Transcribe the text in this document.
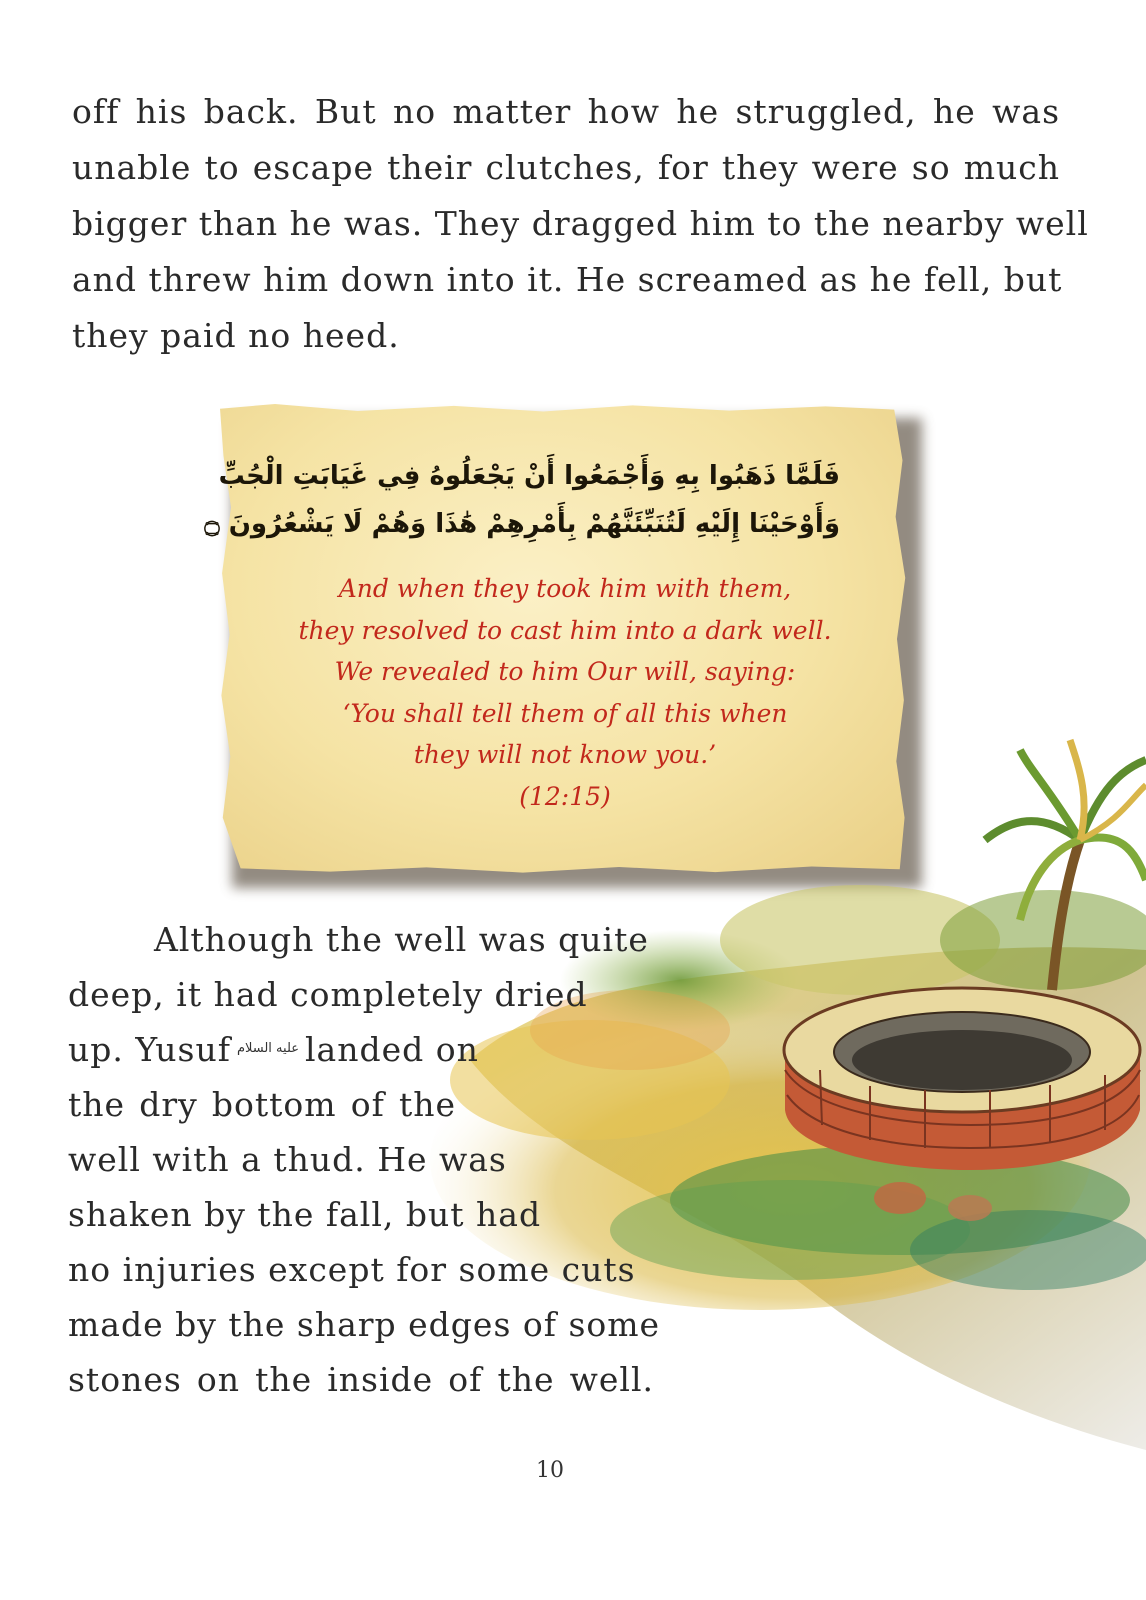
off his back. But no matter how he struggled, he was
unable to escape their clutches, for they were so much
bigger than he was. They dragged him to the nearby well
and threw him down into it. He screamed as he fell, but
they paid no heed.
فَلَمَّا ذَهَبُوا بِهِ وَأَجْمَعُوا أَنْ يَجْعَلُوهُ فِي غَيَابَتِ الْجُبِّ
وَأَوْحَيْنَا إِلَيْهِ لَتُنَبِّئَنَّهُمْ بِأَمْرِهِمْ هَٰذَا وَهُمْ لَا يَشْعُرُونَ ۝
And when they took him with them,
they resolved to cast him into a dark well.
We revealed to him Our will, saying:
‘You shall tell them of all this when
they will not know you.’
(12:15)
Although the well was quite
deep, it had completely dried
up. Yusuf عليه السلام landed on
the dry bottom of the
well with a thud. He was
shaken by the fall, but had
no injuries except for some cuts
made by the sharp edges of some
stones on the inside of the well.
10
